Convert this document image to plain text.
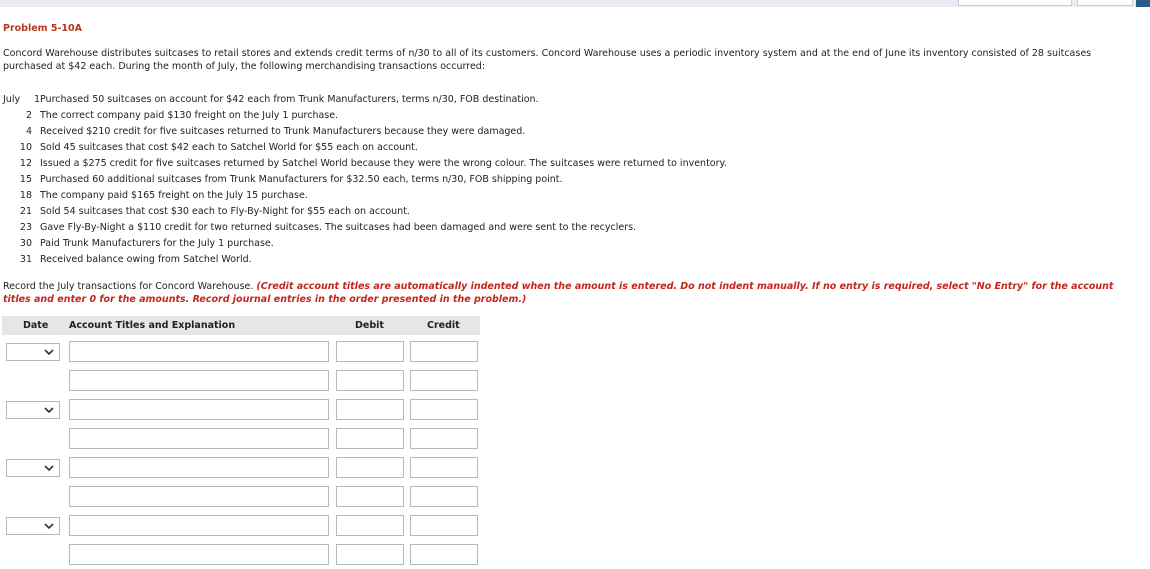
Problem 5-10A
Concord Warehouse distributes suitcases to retail stores and extends credit terms of n/30 to all of its customers. Concord Warehouse uses a periodic inventory system and at the end of June its inventory consisted of 28 suitcases
purchased at $42 each. During the month of July, the following merchandising transactions occurred:
July	1 Purchased 50 suitcases on account for $42 each from Trunk Manufacturers, terms n/30, FOB destination.
2 The correct company paid $130 freight on the July 1 purchase.
4 Received $210 credit for five suitcases returned to Trunk Manufacturers because they were damaged.
10 Sold 45 suitcases that cost $42 each to Satchel World for $55 each on account.
12 Issued a $275 credit for five suitcases returned by Satchel World because they were the wrong colour. The suitcases were returned to inventory.
15 Purchased 60 additional suitcases from Trunk Manufacturers for $32.50 each, terms n/30, FOB shipping point.
18 The company paid $165 freight on the July 15 purchase.
21 Sold 54 suitcases that cost $30 each to Fly-By-Night for $55 each on account.
23 Gave Fly-By-Night a $110 credit for two returned suitcases. The suitcases had been damaged and were sent to the recyclers.
30 Paid Trunk Manufacturers for the July 1 purchase.
31 Received balance owing from Satchel World.
Record the July transactions for Concord Warehouse. (Credit account titles are automatically indented when the amount is entered. Do not indent manually. If no entry is required, select "No Entry" for the account titles and enter 0 for the amounts. Record journal entries in the order presented in the problem.)
Date Account Titles and Explanation	Debit	Credit
